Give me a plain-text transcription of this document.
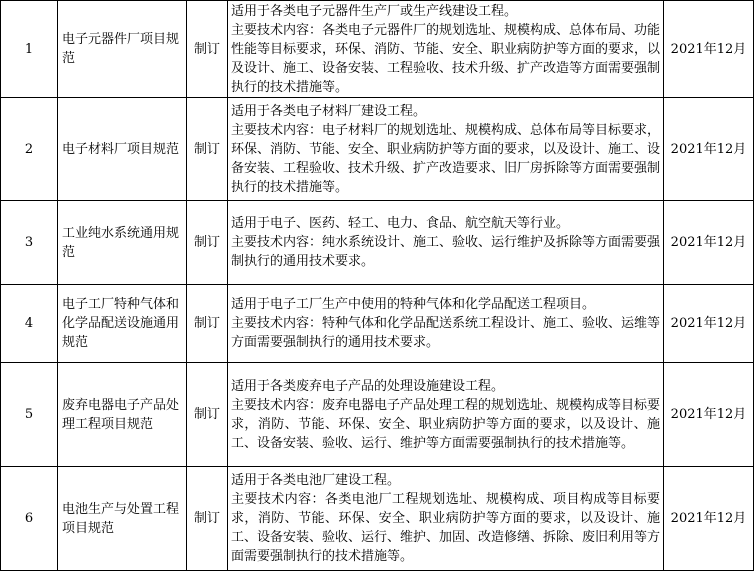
1	电子元器件厂项目规范	制订	适用于各类电子元器件生产厂或生产线建设工程。
主要技术内容：各类电子元器件厂的规划选址、规模构成、总体布局、功能性能等目标要求，环保、消防、节能、安全、职业病防护等方面的要求，以及设计、施工、设备安装、工程验收、技术升级、扩产改造等方面需要强制执行的技术措施等。	2021年12月
2	电子材料厂项目规范	制订	适用于各类电子材料厂建设工程。
主要技术内容：电子材料厂的规划选址、规模构成、总体布局等目标要求，环保、消防、节能、安全、职业病防护等方面的要求，以及设计、施工、设备安装、工程验收、技术升级、扩产改造要求、旧厂房拆除等方面需要强制执行的技术措施等。	2021年12月
3	工业纯水系统通用规范	制订	适用于电子、医药、轻工、电力、食品、航空航天等行业。
主要技术内容：纯水系统设计、施工、验收、运行维护及拆除等方面需要强制执行的通用技术要求。	2021年12月
4	电子工厂特种气体和化学品配送设施通用规范	制订	适用于电子工厂生产中使用的特种气体和化学品配送工程项目。
主要技术内容：特种气体和化学品配送系统工程设计、施工、验收、运维等方面需要强制执行的通用技术要求。	2021年12月
5	废弃电器电子产品处理工程项目规范	制订	适用于各类废弃电子产品的处理设施建设工程。
主要技术内容：废弃电器电子产品处理工程的规划选址、规模构成等目标要求，消防、节能、环保、安全、职业病防护等方面的要求，以及设计、施工、设备安装、验收、运行、维护等方面需要强制执行的技术措施等。	2021年12月
6	电池生产与处置工程项目规范	制订	适用于各类电池厂建设工程。
主要技术内容：各类电池厂工程规划选址、规模构成、项目构成等目标要求，消防、节能、环保、安全、职业病防护等方面的要求，以及设计、施工、设备安装、验收、运行、维护、加固、改造修缮、拆除、废旧利用等方面需要强制执行的技术措施等。	2021年12月
